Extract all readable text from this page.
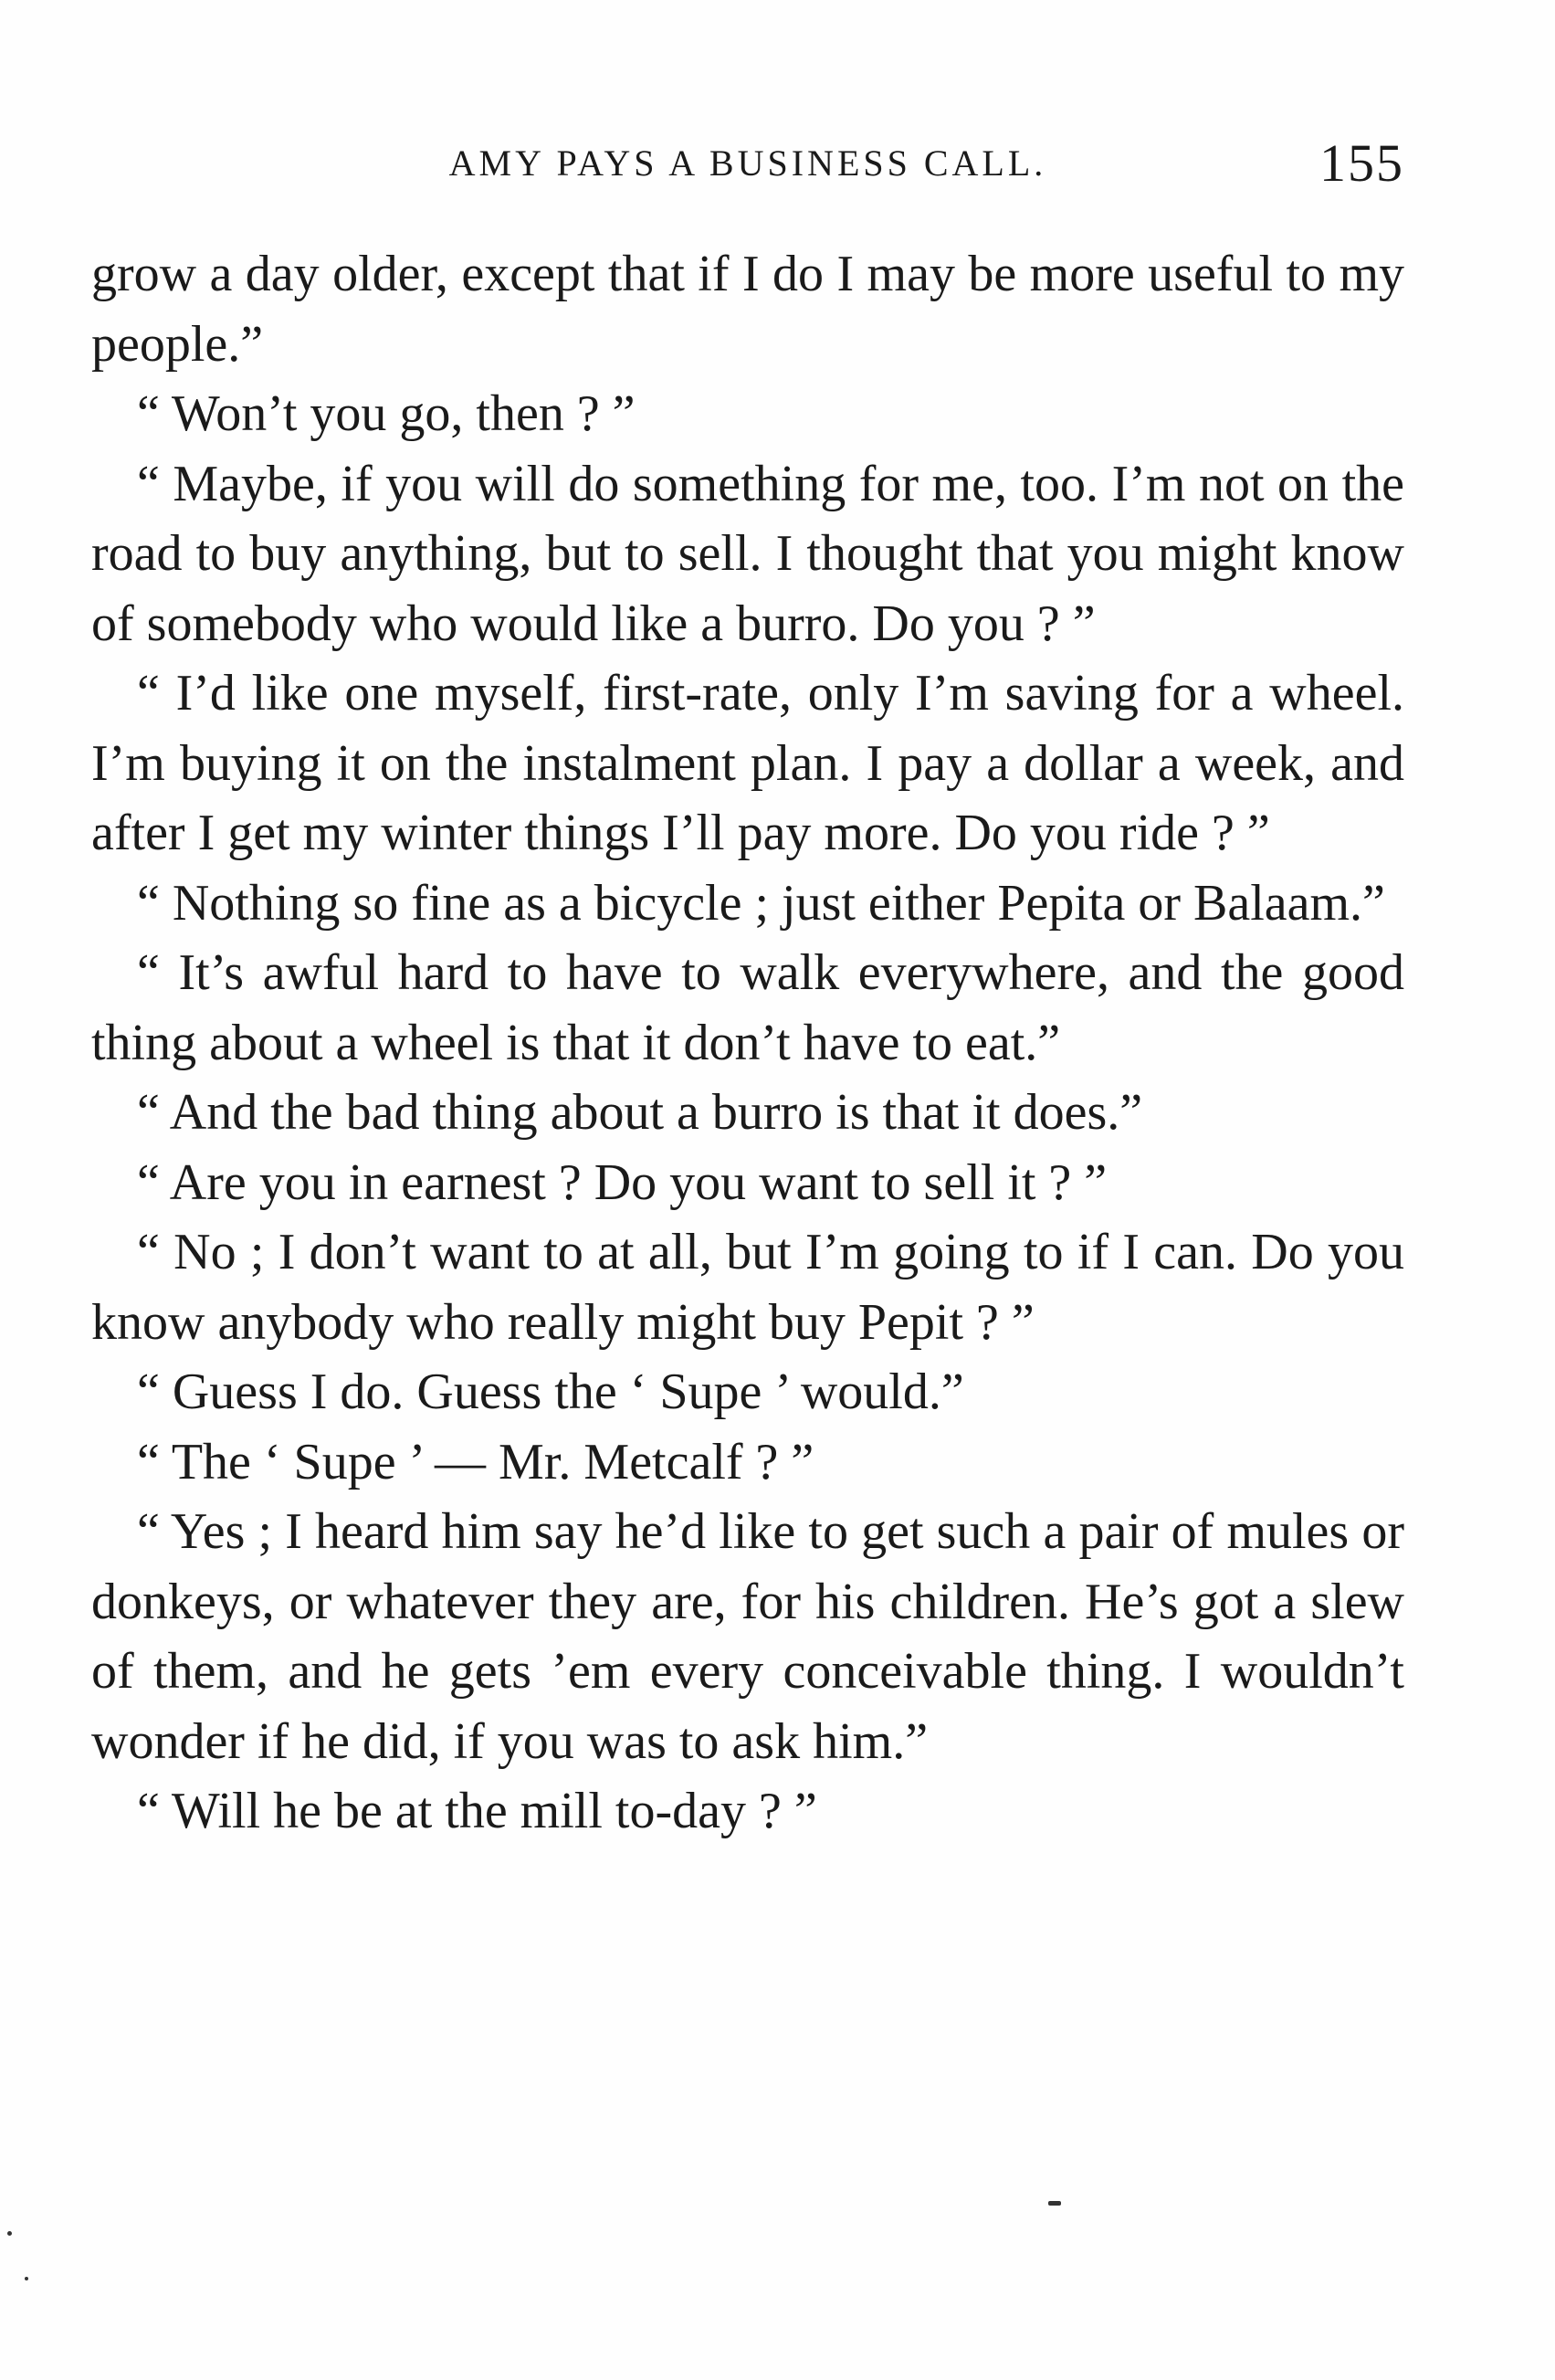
AMY PAYS A BUSINESS CALL.	155

grow a day older, except that if I do I may be more useful to my people.”

“ Won’t you go, then ? ”

“ Maybe, if you will do something for me, too. I’m not on the road to buy anything, but to sell. I thought that you might know of somebody who would like a burro. Do you ? ”

“ I’d like one myself, first-rate, only I’m saving for a wheel. I’m buying it on the instalment plan. I pay a dollar a week, and after I get my winter things I’ll pay more. Do you ride ? ”

“ Nothing so fine as a bicycle ; just either Pepita or Balaam.”

“ It’s awful hard to have to walk everywhere, and the good thing about a wheel is that it don’t have to eat.”

“ And the bad thing about a burro is that it does.”

“ Are you in earnest ? Do you want to sell it ? ”

“ No ; I don’t want to at all, but I’m going to if I can. Do you know anybody who really might buy Pepit ? ”

“ Guess I do. Guess the ‘ Supe ’ would.”

“ The ‘ Supe ’ — Mr. Metcalf ? ”

“ Yes ; I heard him say he’d like to get such a pair of mules or donkeys, or whatever they are, for his children. He’s got a slew of them, and he gets ’em every conceivable thing. I wouldn’t wonder if he did, if you was to ask him.”

“ Will he be at the mill to-day ? ”
